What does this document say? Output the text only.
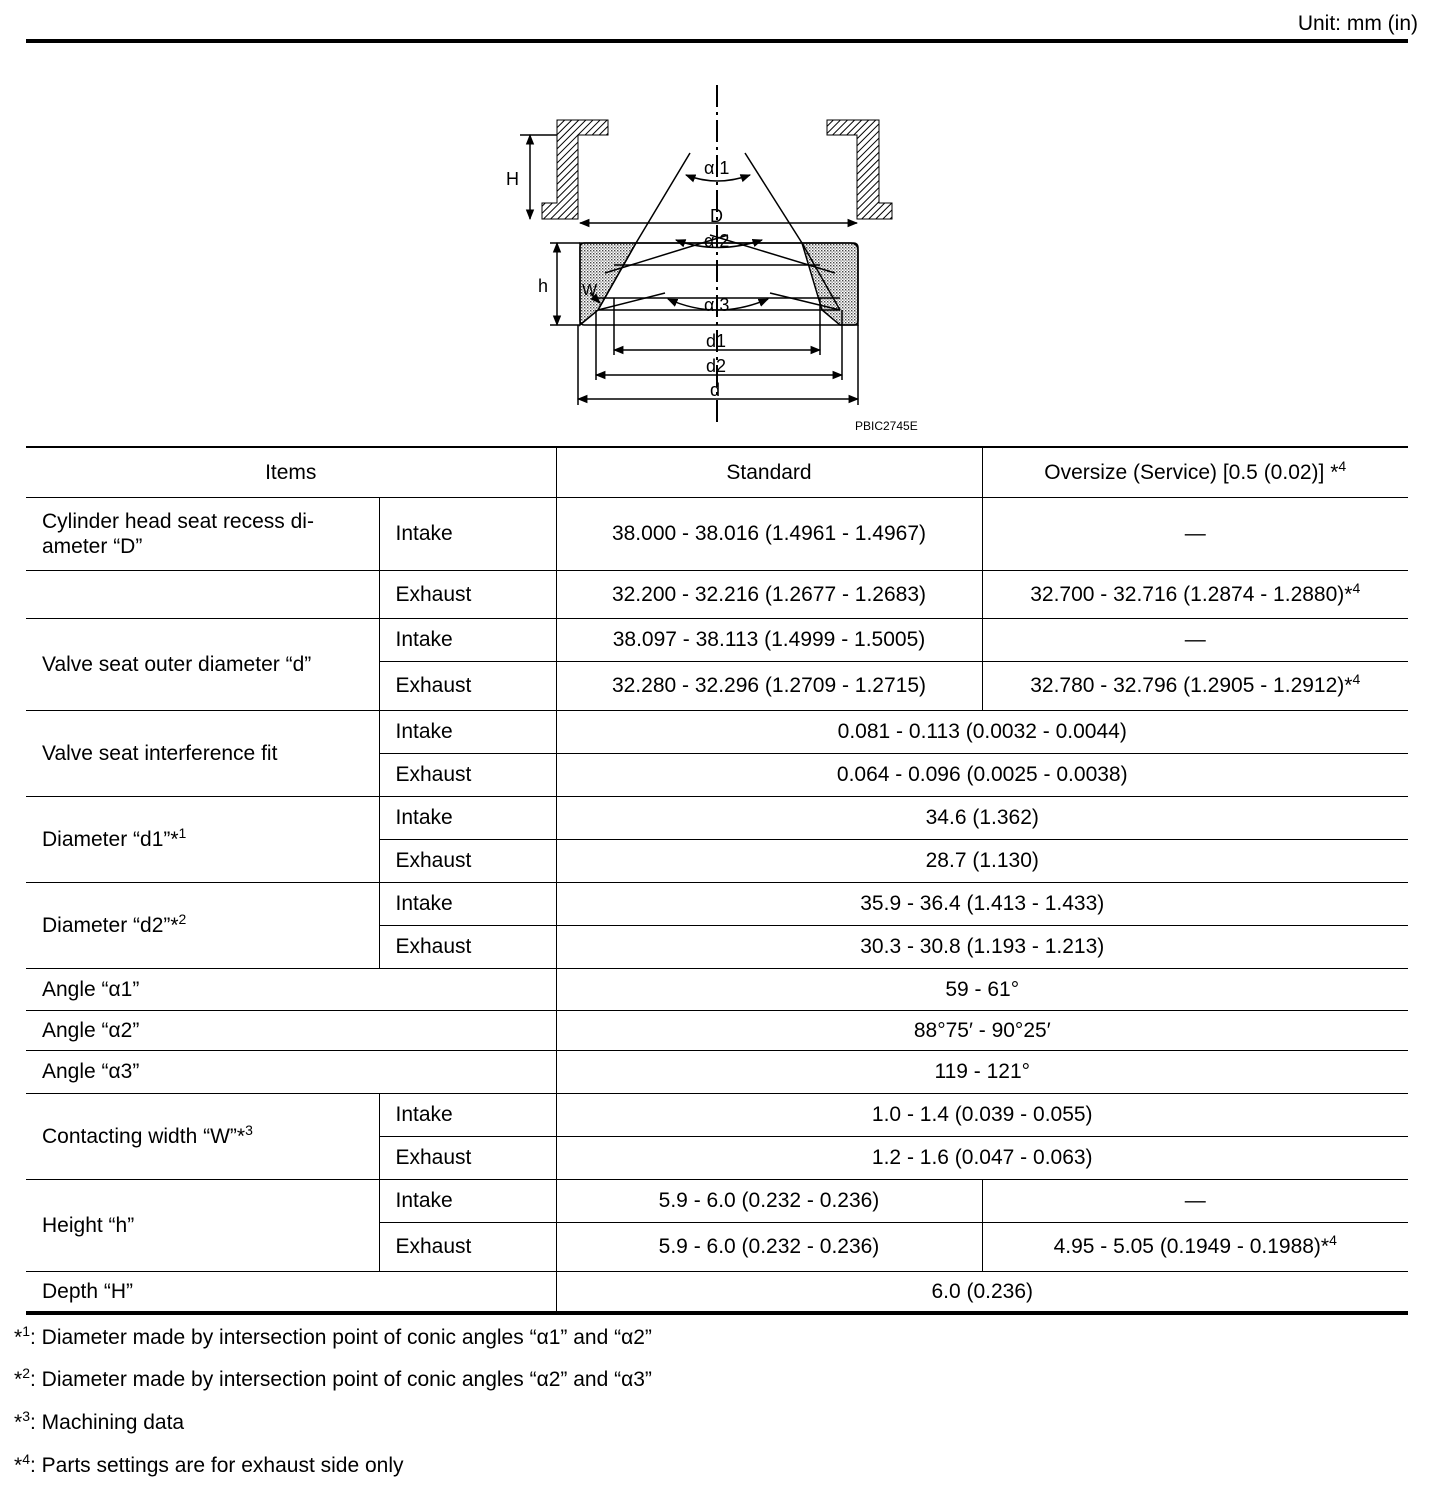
Unit: mm (in)
H
D
h W
α 1
α 2
α 3
d1
d2
d
PBIC2745E
Items		Standard	Oversize (Service) [0.5 (0.02)] *$^4$
Cylinder head seat recess di-
ameter “D”	Intake	38.000 - 38.016 (1.4961 - 1.4967)	—
	Exhaust	32.200 - 32.216 (1.2677 - 1.2683)	32.700 - 32.716 (1.2874 - 1.2880)*$^4$
Valve seat outer diameter “d”	Intake	38.097 - 38.113 (1.4999 - 1.5005)	—
	Exhaust	32.280 - 32.296 (1.2709 - 1.2715)	32.780 - 32.796 (1.2905 - 1.2912)*$^4$
Valve seat interference fit	Intake	0.081 - 0.113 (0.0032 - 0.0044)	
	Exhaust	0.064 - 0.096 (0.0025 - 0.0038)	
Diameter “d1”*$^1$	Intake	34.6 (1.362)	
	Exhaust	28.7 (1.130)	
Diameter “d2”*$^2$	Intake	35.9 - 36.4 (1.413 - 1.433)	
	Exhaust	30.3 - 30.8 (1.193 - 1.213)	
Angle “α1”		59 - 61°	
Angle “α2”		88°75′ - 90°25′	
Angle “α3”		119 - 121°	
Contacting width “W”*$^3$	Intake	1.0 - 1.4 (0.039 - 0.055)	
	Exhaust	1.2 - 1.6 (0.047 - 0.063)	
Height “h”	Intake	5.9 - 6.0 (0.232 - 0.236)	—
	Exhaust	5.9 - 6.0 (0.232 - 0.236)	4.95 - 5.05 (0.1949 - 0.1988)*$^4$
Depth “H”		6.0 (0.236)	
*$^1$: Diameter made by intersection point of conic angles “α1” and “α2”
*$^2$: Diameter made by intersection point of conic angles “α2” and “α3”
*$^3$: Machining data
*$^4$: Parts settings are for exhaust side only
